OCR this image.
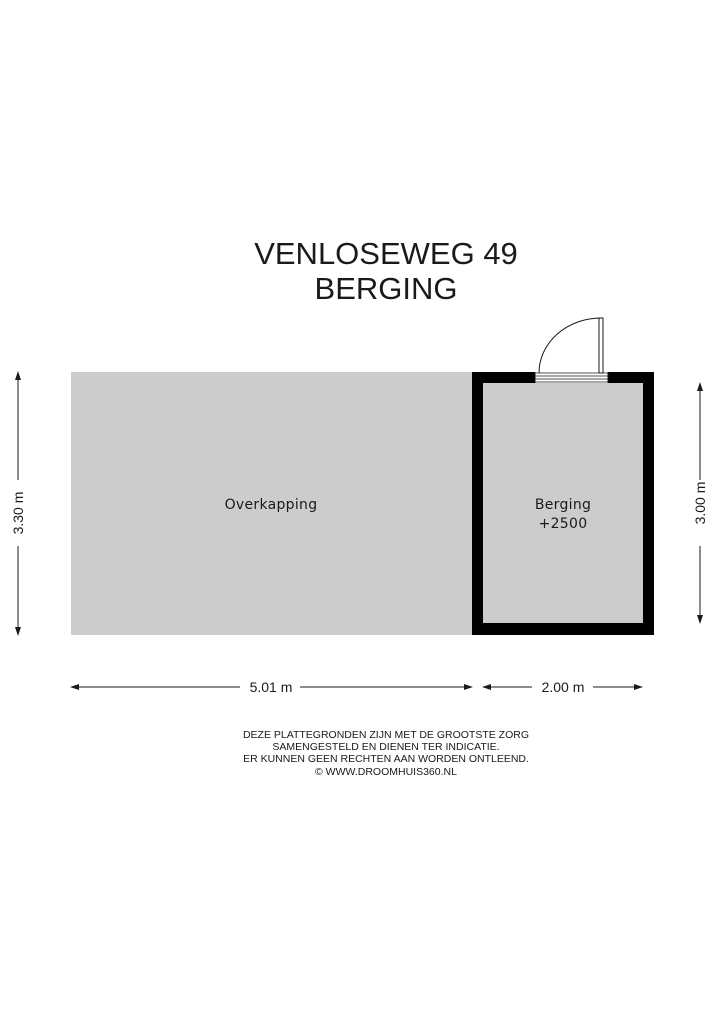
VENLOSEWEG 49
BERGING
Overkapping	Berging
+2500
3.30 m	3.00 m
5.01 m	2.00 m
DEZE PLATTEGRONDEN ZIJN MET DE GROOTSTE ZORG
SAMENGESTELD EN DIENEN TER INDICATIE.
ER KUNNEN GEEN RECHTEN AAN WORDEN ONTLEEND.
© WWW.DROOMHUIS360.NL
